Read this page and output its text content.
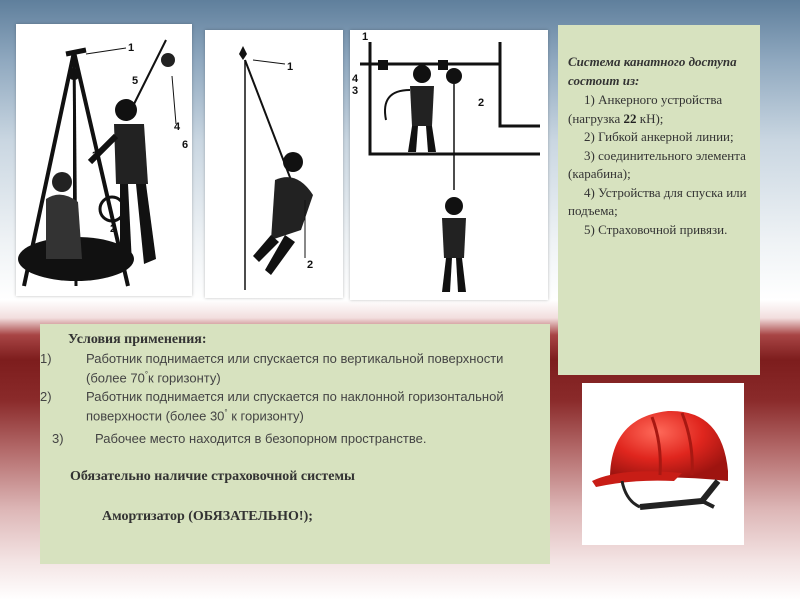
1
5
4
6
3
2
1
2
1
4
3
2
Система канатного доступа состоит из:
1) Анкерного устройства
(нагрузка 22 кН);
2) Гибкой анкерной линии;
3) соединительного элемента (карабина);
4) Устройства для спуска или подъема;
5) Страховочной привязи.
Условия применения:
1)	Работник поднимается или спускается по вертикальной поверхности (более 70°к горизонту)
2)	Работник поднимается или спускается по наклонной горизонтальной поверхности (более 30° к горизонту)
3) Рабочее место находится в безопорном пространстве.
Обязательно наличие страховочной системы
Амортизатор (ОБЯЗАТЕЛЬНО!);
